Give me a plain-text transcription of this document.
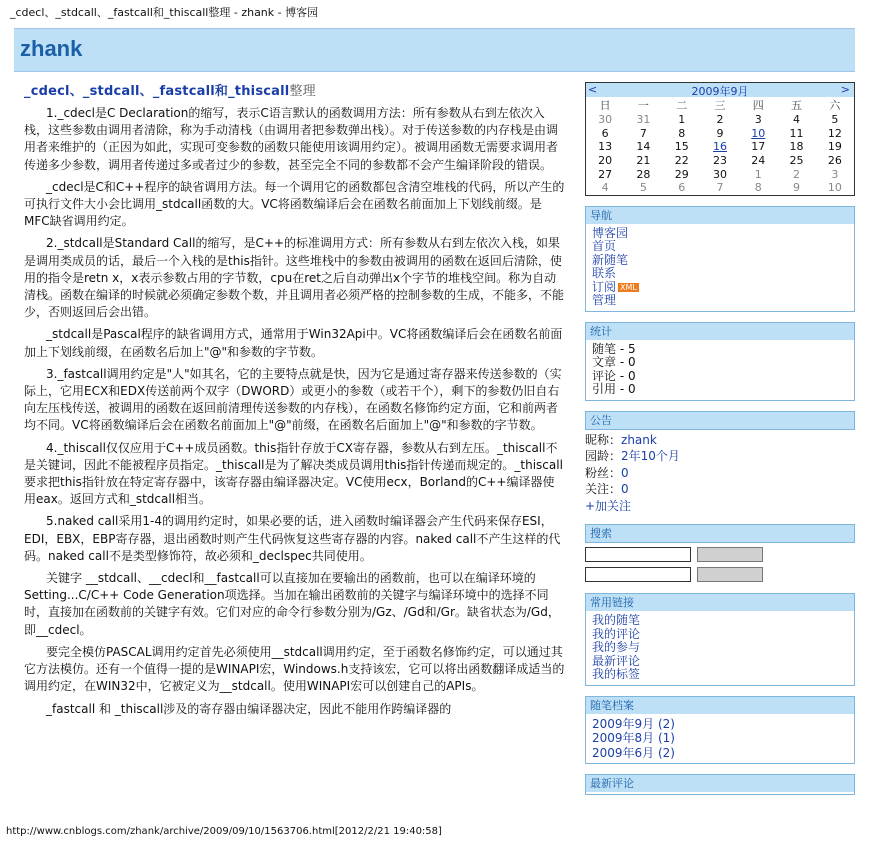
_cdecl、_stdcall、_fastcall和_thiscall整理 - zhank - 博客园
zhank
_cdecl、_stdcall、_fastcall和_thiscall整理

1._cdecl是C Declaration的缩写，表示C语言默认的函数调用方法：所有参数从右到左依次入栈，这些参数由调用者清除，称为手动清栈（由调用者把参数弹出栈）。对于传送参数的内存栈是由调用者来维护的（正因为如此，实现可变参数的函数只能使用该调用约定）。被调用函数无需要求调用者传递多少参数，调用者传递过多或者过少的参数，甚至完全不同的参数都不会产生编译阶段的错误。

_cdecl是C和C++程序的缺省调用方法。每一个调用它的函数都包含清空堆栈的代码，所以产生的可执行文件大小会比调用_stdcall函数的大。VC将函数编译后会在函数名前面加上下划线前缀。是MFC缺省调用约定。

2._stdcall是Standard Call的缩写，是C++的标准调用方式：所有参数从右到左依次入栈，如果是调用类成员的话，最后一个入栈的是this指针。这些堆栈中的参数由被调用的函数在返回后清除，使用的指令是retn x，x表示参数占用的字节数，cpu在ret之后自动弹出x个字节的堆栈空间。称为自动清栈。函数在编译的时候就必须确定参数个数，并且调用者必须严格的控制参数的生成，不能多，不能少，否则返回后会出错。

_stdcall是Pascal程序的缺省调用方式，通常用于Win32Api中。VC将函数编译后会在函数名前面加上下划线前缀，在函数名后加上"@"和参数的字节数。

3._fastcall调用约定是"人"如其名，它的主要特点就是快，因为它是通过寄存器来传送参数的（实际上，它用ECX和EDX传送前两个双字（DWORD）或更小的参数（或若干个），剩下的参数仍旧自右向左压栈传送，被调用的函数在返回前清理传送参数的内存栈），在函数名修饰约定方面，它和前两者均不同。VC将函数编译后会在函数名前面加上"@"前缀，在函数名后面加上"@"和参数的字节数。

4._thiscall仅仅应用于C++成员函数。this指针存放于CX寄存器，参数从右到左压。_thiscall不是关键词，因此不能被程序员指定。_thiscall是为了解决类成员调用this指针传递而规定的。_thiscall要求把this指针放在特定寄存器中，该寄存器由编译器决定。VC使用ecx，Borland的C++编译器使用eax。返回方式和_stdcall相当。

5.naked call采用1-4的调用约定时，如果必要的话，进入函数时编译器会产生代码来保存ESI，EDI，EBX，EBP寄存器，退出函数时则产生代码恢复这些寄存器的内容。naked call不产生这样的代码。naked call不是类型修饰符，故必须和_declspec共同使用。

关键字 __stdcall、__cdecl和__fastcall可以直接加在要输出的函数前，也可以在编译环境的Setting...C/C++ Code Generation项选择。当加在输出函数前的关键字与编译环境中的选择不同时，直接加在函数前的关键字有效。它们对应的命令行参数分别为/Gz、/Gd和/Gr。缺省状态为/Gd，即__cdecl。

要完全模仿PASCAL调用约定首先必须使用__stdcall调用约定，至于函数名修饰约定，可以通过其它方法模仿。还有一个值得一提的是WINAPI宏，Windows.h支持该宏，它可以将出函数翻译成适当的调用约定，在WIN32中，它被定义为__stdcall。使用WINAPI宏可以创建自己的APIs。

_fastcall 和 _thiscall涉及的寄存器由编译器决定，因此不能用作跨编译器的

<	2009年9月	>
日	一	二	三	四	五	六
30	31	1	2	3	4	5
6	7	8	9	10	11	12
13	14	15	16	17	18	19
20	21	22	23	24	25	26
27	28	29	30	1	2	3
4	5	6	7	8	9	10
导航
博客园
首页
新随笔
联系
订阅 XML
管理
统计
随笔 - 5
文章 - 0
评论 - 0
引用 - 0
公告
昵称：zhank
园龄：2年10个月
粉丝：0
关注：0
+加关注
搜索
常用链接
我的随笔
我的评论
我的参与
最新评论
我的标签
随笔档案
2009年9月 (2)
2009年8月 (1)
2009年6月 (2)
最新评论
http://www.cnblogs.com/zhank/archive/2009/09/10/1563706.html[2012/2/21 19:40:58]
